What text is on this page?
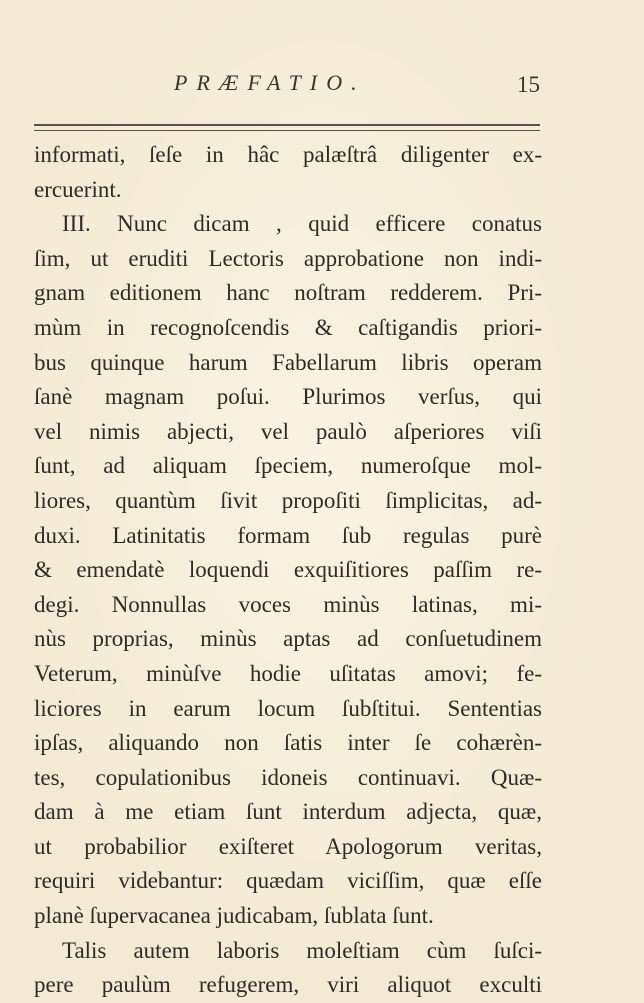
PRÆFATIO.	15
informati, ſeſe in hâc palæſtrâ diligenter ex-
ercuerint.
III. Nunc dicam , quid efficere conatus
ſim, ut eruditi Lectoris approbatione non indi-
gnam editionem hanc noſtram redderem. Pri-
mùm in recognoſcendis & caſtigandis priori-
bus quinque harum Fabellarum libris operam
ſanè magnam poſui. Plurimos verſus, qui
vel nimis abjecti, vel paulò aſperiores viſi
ſunt, ad aliquam ſpeciem, numeroſque mol-
liores, quantùm ſivit propoſiti ſimplicitas, ad-
duxi. Latinitatis formam ſub regulas purè
& emendatè loquendi exquiſitiores paſſim re-
degi. Nonnullas voces minùs latinas, mi-
nùs proprias, minùs aptas ad conſuetudinem
Veterum, minùſve hodie uſitatas amovi; fe-
liciores in earum locum ſubſtitui. Sententias
ipſas, aliquando non ſatis inter ſe cohærèn-
tes, copulationibus idoneis continuavi. Quæ-
dam à me etiam ſunt interdum adjecta, quæ,
ut probabilior exiſteret Apologorum veritas,
requiri videbantur: quædam viciſſim, quæ eſſe
planè ſupervacanea judicabam, ſublata ſunt.
Talis autem laboris moleſtiam cùm ſuſci-
pere paulùm refugerem, viri aliquot exculti
